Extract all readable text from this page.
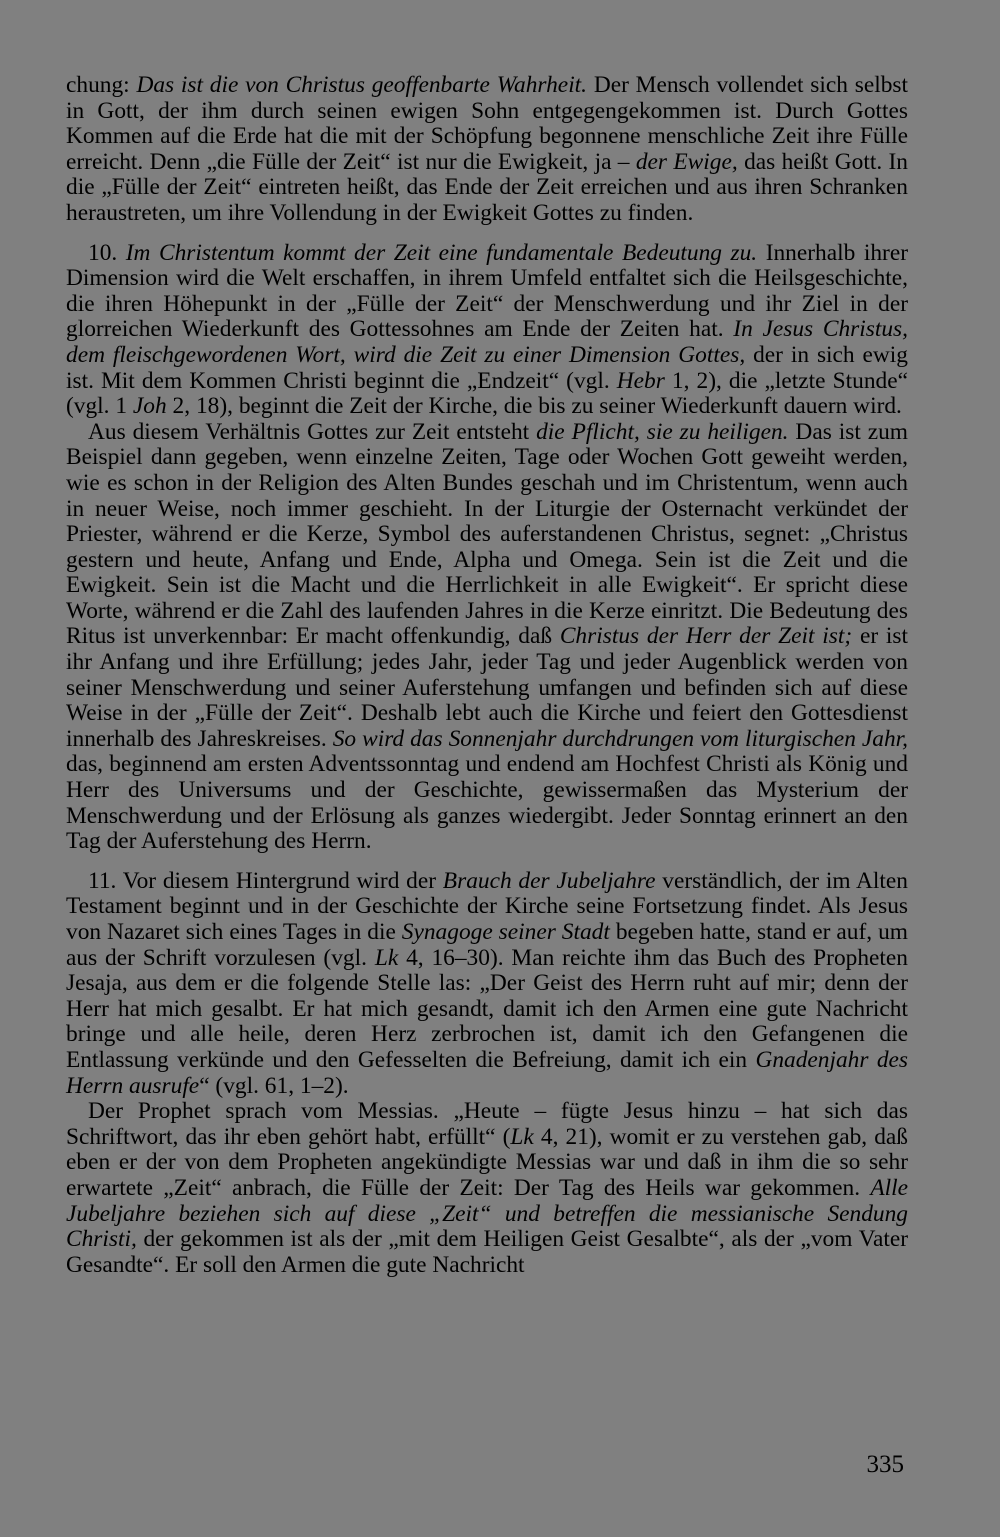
chung: Das ist die von Christus geoffenbarte Wahrheit. Der Mensch vollendet sich selbst in Gott, der ihm durch seinen ewigen Sohn entgegengekommen ist. Durch Gottes Kommen auf die Erde hat die mit der Schöpfung begonnene menschliche Zeit ihre Fülle erreicht. Denn „die Fülle der Zeit“ ist nur die Ewigkeit, ja – der Ewige, das heißt Gott. In die „Fülle der Zeit“ eintreten heißt, das Ende der Zeit erreichen und aus ihren Schranken heraustreten, um ihre Vollendung in der Ewigkeit Gottes zu finden.

10. Im Christentum kommt der Zeit eine fundamentale Bedeutung zu. Innerhalb ihrer Dimension wird die Welt erschaffen, in ihrem Umfeld entfaltet sich die Heilsgeschichte, die ihren Höhepunkt in der „Fülle der Zeit“ der Menschwerdung und ihr Ziel in der glorreichen Wiederkunft des Gottessohnes am Ende der Zeiten hat. In Jesus Christus, dem fleischgewordenen Wort, wird die Zeit zu einer Dimension Gottes, der in sich ewig ist. Mit dem Kommen Christi beginnt die „Endzeit“ (vgl. Hebr 1, 2), die „letzte Stunde“ (vgl. 1 Joh 2, 18), beginnt die Zeit der Kirche, die bis zu seiner Wiederkunft dauern wird.

Aus diesem Verhältnis Gottes zur Zeit entsteht die Pflicht, sie zu heiligen. Das ist zum Beispiel dann gegeben, wenn einzelne Zeiten, Tage oder Wochen Gott geweiht werden, wie es schon in der Religion des Alten Bundes geschah und im Christentum, wenn auch in neuer Weise, noch immer geschieht. In der Liturgie der Osternacht verkündet der Priester, während er die Kerze, Symbol des auferstandenen Christus, segnet: „Christus gestern und heute, Anfang und Ende, Alpha und Omega. Sein ist die Zeit und die Ewigkeit. Sein ist die Macht und die Herrlichkeit in alle Ewigkeit“. Er spricht diese Worte, während er die Zahl des laufenden Jahres in die Kerze einritzt. Die Bedeutung des Ritus ist unverkennbar: Er macht offenkundig, daß Christus der Herr der Zeit ist; er ist ihr Anfang und ihre Erfüllung; jedes Jahr, jeder Tag und jeder Augenblick werden von seiner Menschwerdung und seiner Auferstehung umfangen und befinden sich auf diese Weise in der „Fülle der Zeit“. Deshalb lebt auch die Kirche und feiert den Gottesdienst innerhalb des Jahreskreises. So wird das Sonnenjahr durchdrungen vom liturgischen Jahr, das, beginnend am ersten Adventssonntag und endend am Hochfest Christi als König und Herr des Universums und der Geschichte, gewissermaßen das Mysterium der Menschwerdung und der Erlösung als ganzes wiedergibt. Jeder Sonntag erinnert an den Tag der Auferstehung des Herrn.

11. Vor diesem Hintergrund wird der Brauch der Jubeljahre verständlich, der im Alten Testament beginnt und in der Geschichte der Kirche seine Fortsetzung findet. Als Jesus von Nazaret sich eines Tages in die Synagoge seiner Stadt begeben hatte, stand er auf, um aus der Schrift vorzulesen (vgl. Lk 4, 16–30). Man reichte ihm das Buch des Propheten Jesaja, aus dem er die folgende Stelle las: „Der Geist des Herrn ruht auf mir; denn der Herr hat mich gesalbt. Er hat mich gesandt, damit ich den Armen eine gute Nachricht bringe und alle heile, deren Herz zerbrochen ist, damit ich den Gefangenen die Entlassung verkünde und den Gefesselten die Befreiung, damit ich ein Gnadenjahr des Herrn ausrufe“ (vgl. 61, 1–2).

Der Prophet sprach vom Messias. „Heute – fügte Jesus hinzu – hat sich das Schriftwort, das ihr eben gehört habt, erfüllt“ (Lk 4, 21), womit er zu verstehen gab, daß eben er der von dem Propheten angekündigte Messias war und daß in ihm die so sehr erwartete „Zeit“ anbrach, die Fülle der Zeit: Der Tag des Heils war gekommen. Alle Jubeljahre beziehen sich auf diese „Zeit“ und betreffen die messianische Sendung Christi, der gekommen ist als der „mit dem Heiligen Geist Gesalbte“, als der „vom Vater Gesandte“. Er soll den Armen die gute Nachricht

335
